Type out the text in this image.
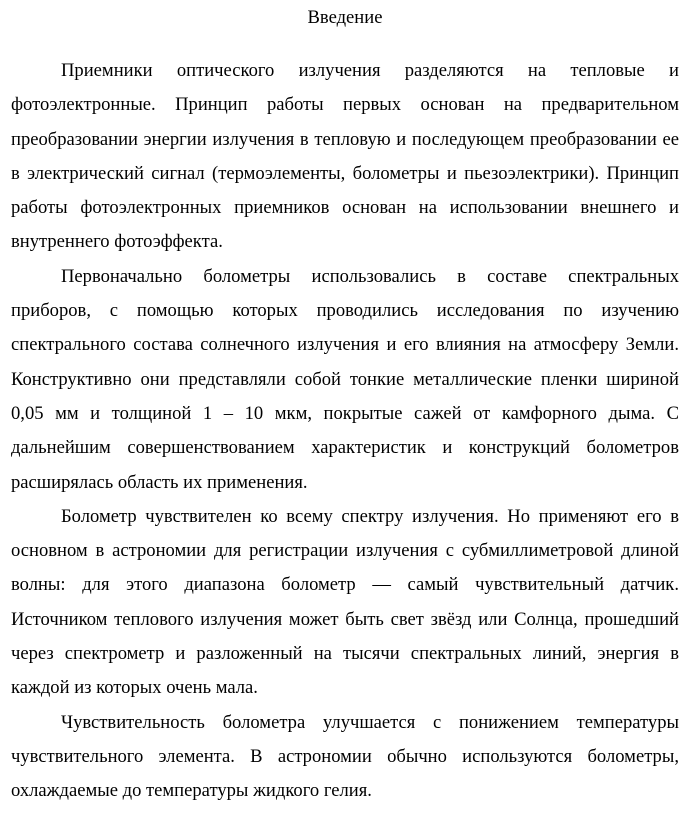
Введение

Приемники оптического излучения разделяются на тепловые и фотоэлектронные. Принцип работы первых основан на предварительном преобразовании энергии излучения в тепловую и последующем преобразовании ее в электрический сигнал (термоэлементы, болометры и пьезоэлектрики). Принцип работы фотоэлектронных приемников основан на использовании внешнего и внутреннего фотоэффекта.

Первоначально болометры использовались в составе спектральных приборов, с помощью которых проводились исследования по изучению спектрального состава солнечного излучения и его влияния на атмосферу Земли. Конструктивно они представляли собой тонкие металлические пленки шириной 0,05 мм и толщиной 1 – 10 мкм, покрытые сажей от камфорного дыма. С дальнейшим совершенствованием характеристик и конструкций болометров расширялась область их применения.

Болометр чувствителен ко всему спектру излучения. Но применяют его в основном в астрономии для регистрации излучения с субмиллиметровой длиной волны: для этого диапазона болометр — самый чувствительный датчик. Источником теплового излучения может быть свет звёзд или Солнца, прошедший через спектрометр и разложенный на тысячи спектральных линий, энергия в каждой из которых очень мала.

Чувствительность болометра улучшается с понижением температуры чувствительного элемента. В астрономии обычно используются болометры, охлаждаемые до температуры жидкого гелия.
